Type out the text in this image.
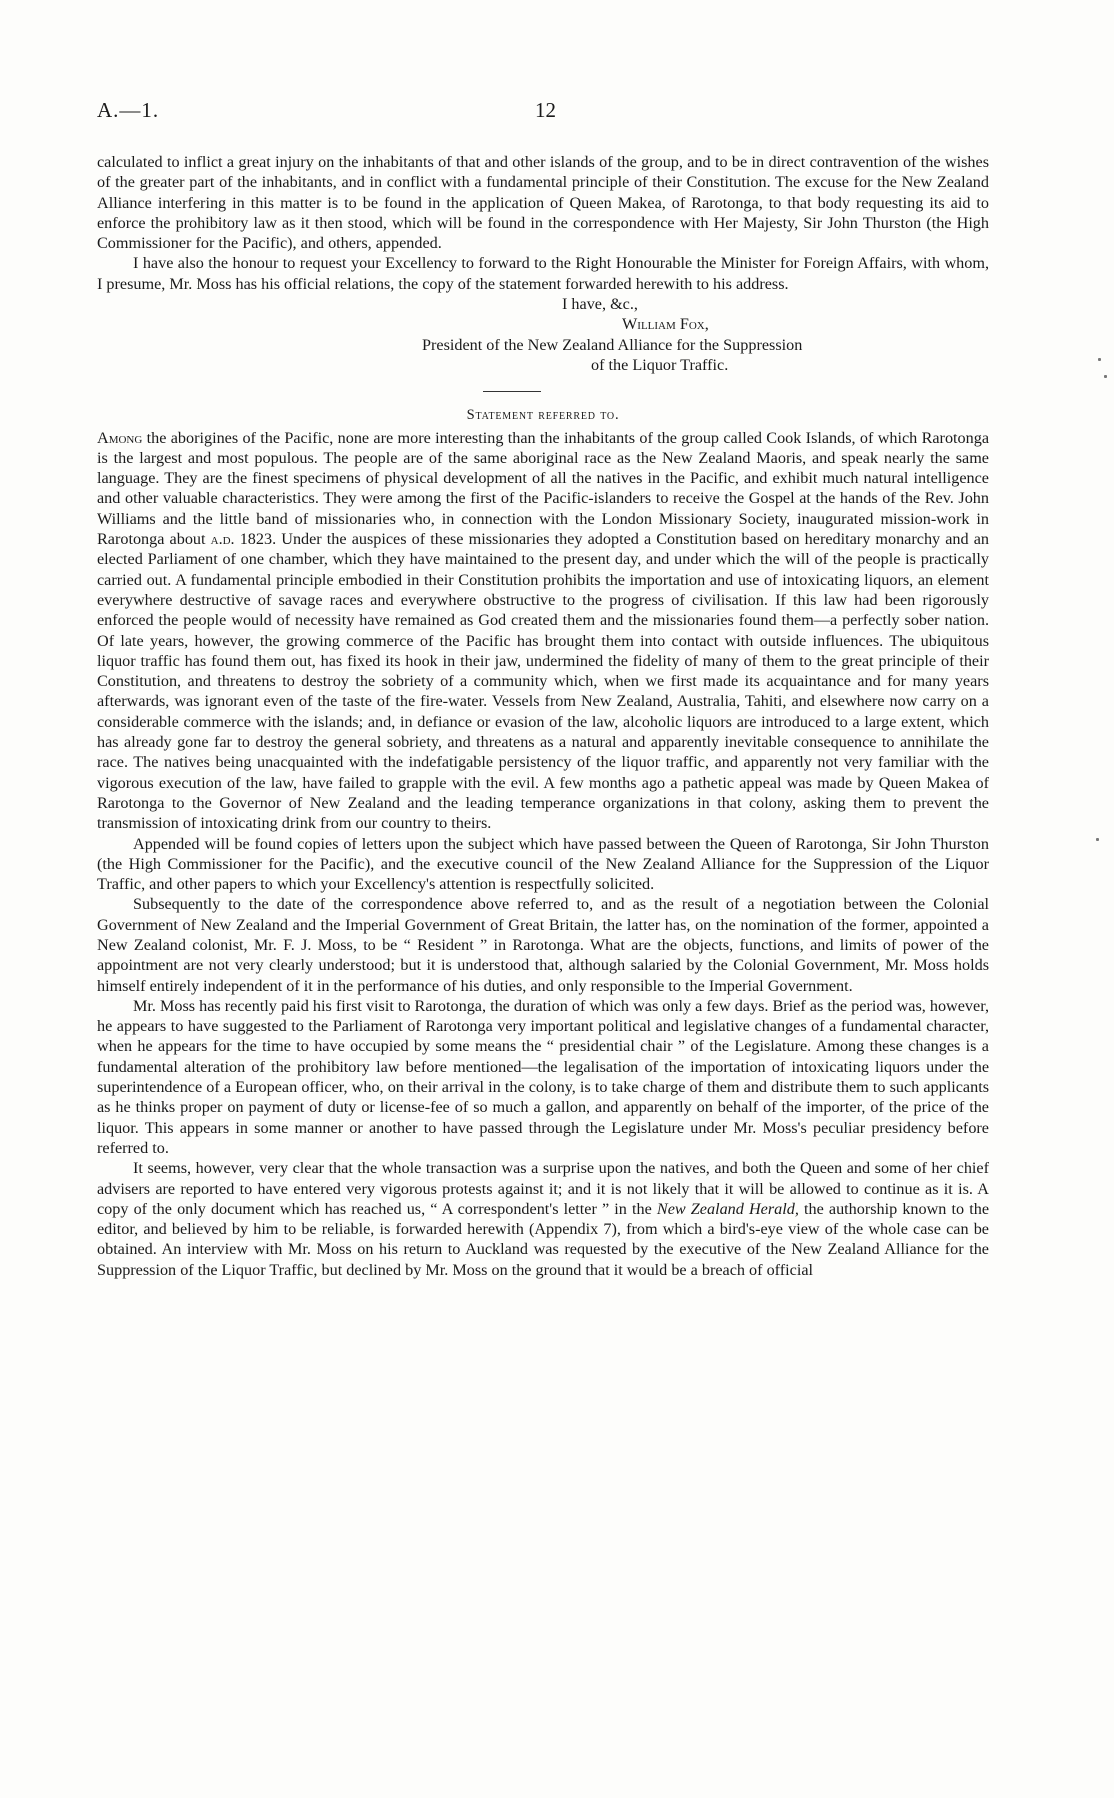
A.—1.	12

calculated to inflict a great injury on the inhabitants of that and other islands of the group, and to be in direct contravention of the wishes of the greater part of the inhabitants, and in conflict with a fundamental principle of their Constitution. The excuse for the New Zealand Alliance interfering in this matter is to be found in the application of Queen Makea, of Rarotonga, to that body requesting its aid to enforce the prohibitory law as it then stood, which will be found in the correspondence with Her Majesty, Sir John Thurston (the High Commissioner for the Pacific), and others, appended.

I have also the honour to request your Excellency to forward to the Right Honourable the Minister for Foreign Affairs, with whom, I presume, Mr. Moss has his official relations, the copy of the statement forwarded herewith to his address.

I have, &c.,
William Fox,
President of the New Zealand Alliance for the Suppression
of the Liquor Traffic.
Statement referred to.

Among the aborigines of the Pacific, none are more interesting than the inhabitants of the group called Cook Islands, of which Rarotonga is the largest and most populous. The people are of the same aboriginal race as the New Zealand Maoris, and speak nearly the same language. They are the finest specimens of physical development of all the natives in the Pacific, and exhibit much natural intelligence and other valuable characteristics. They were among the first of the Pacific-islanders to receive the Gospel at the hands of the Rev. John Williams and the little band of missionaries who, in connection with the London Missionary Society, inaugurated mission-work in Rarotonga about a.d. 1823. Under the auspices of these missionaries they adopted a Constitution based on hereditary monarchy and an elected Parliament of one chamber, which they have maintained to the present day, and under which the will of the people is practically carried out. A fundamental principle embodied in their Constitution prohibits the importation and use of intoxicating liquors, an element everywhere destructive of savage races and everywhere obstructive to the progress of civilisation. If this law had been rigorously enforced the people would of necessity have remained as God created them and the missionaries found them—a perfectly sober nation. Of late years, however, the growing commerce of the Pacific has brought them into contact with outside influences. The ubiquitous liquor traffic has found them out, has fixed its hook in their jaw, undermined the fidelity of many of them to the great principle of their Constitution, and threatens to destroy the sobriety of a community which, when we first made its acquaintance and for many years afterwards, was ignorant even of the taste of the fire-water. Vessels from New Zealand, Australia, Tahiti, and elsewhere now carry on a considerable commerce with the islands; and, in defiance or evasion of the law, alcoholic liquors are introduced to a large extent, which has already gone far to destroy the general sobriety, and threatens as a natural and apparently inevitable consequence to annihilate the race. The natives being unacquainted with the indefatigable persistency of the liquor traffic, and apparently not very familiar with the vigorous execution of the law, have failed to grapple with the evil. A few months ago a pathetic appeal was made by Queen Makea of Rarotonga to the Governor of New Zealand and the leading temperance organizations in that colony, asking them to prevent the transmission of intoxicating drink from our country to theirs.

Appended will be found copies of letters upon the subject which have passed between the Queen of Rarotonga, Sir John Thurston (the High Commissioner for the Pacific), and the executive council of the New Zealand Alliance for the Suppression of the Liquor Traffic, and other papers to which your Excellency's attention is respectfully solicited.

Subsequently to the date of the correspondence above referred to, and as the result of a negotiation between the Colonial Government of New Zealand and the Imperial Government of Great Britain, the latter has, on the nomination of the former, appointed a New Zealand colonist, Mr. F. J. Moss, to be “ Resident ” in Rarotonga. What are the objects, functions, and limits of power of the appointment are not very clearly understood; but it is understood that, although salaried by the Colonial Government, Mr. Moss holds himself entirely independent of it in the performance of his duties, and only responsible to the Imperial Government.

Mr. Moss has recently paid his first visit to Rarotonga, the duration of which was only a few days. Brief as the period was, however, he appears to have suggested to the Parliament of Rarotonga very important political and legislative changes of a fundamental character, when he appears for the time to have occupied by some means the “ presidential chair ” of the Legislature. Among these changes is a fundamental alteration of the prohibitory law before mentioned—the legalisation of the importation of intoxicating liquors under the superintendence of a European officer, who, on their arrival in the colony, is to take charge of them and distribute them to such applicants as he thinks proper on payment of duty or license-fee of so much a gallon, and apparently on behalf of the importer, of the price of the liquor. This appears in some manner or another to have passed through the Legislature under Mr. Moss's peculiar presidency before referred to.

It seems, however, very clear that the whole transaction was a surprise upon the natives, and both the Queen and some of her chief advisers are reported to have entered very vigorous protests against it; and it is not likely that it will be allowed to continue as it is. A copy of the only document which has reached us, “ A correspondent's letter ” in the New Zealand Herald, the authorship known to the editor, and believed by him to be reliable, is forwarded herewith (Appendix 7), from which a bird's-eye view of the whole case can be obtained. An interview with Mr. Moss on his return to Auckland was requested by the executive of the New Zealand Alliance for the Suppression of the Liquor Traffic, but declined by Mr. Moss on the ground that it would be a breach of official
